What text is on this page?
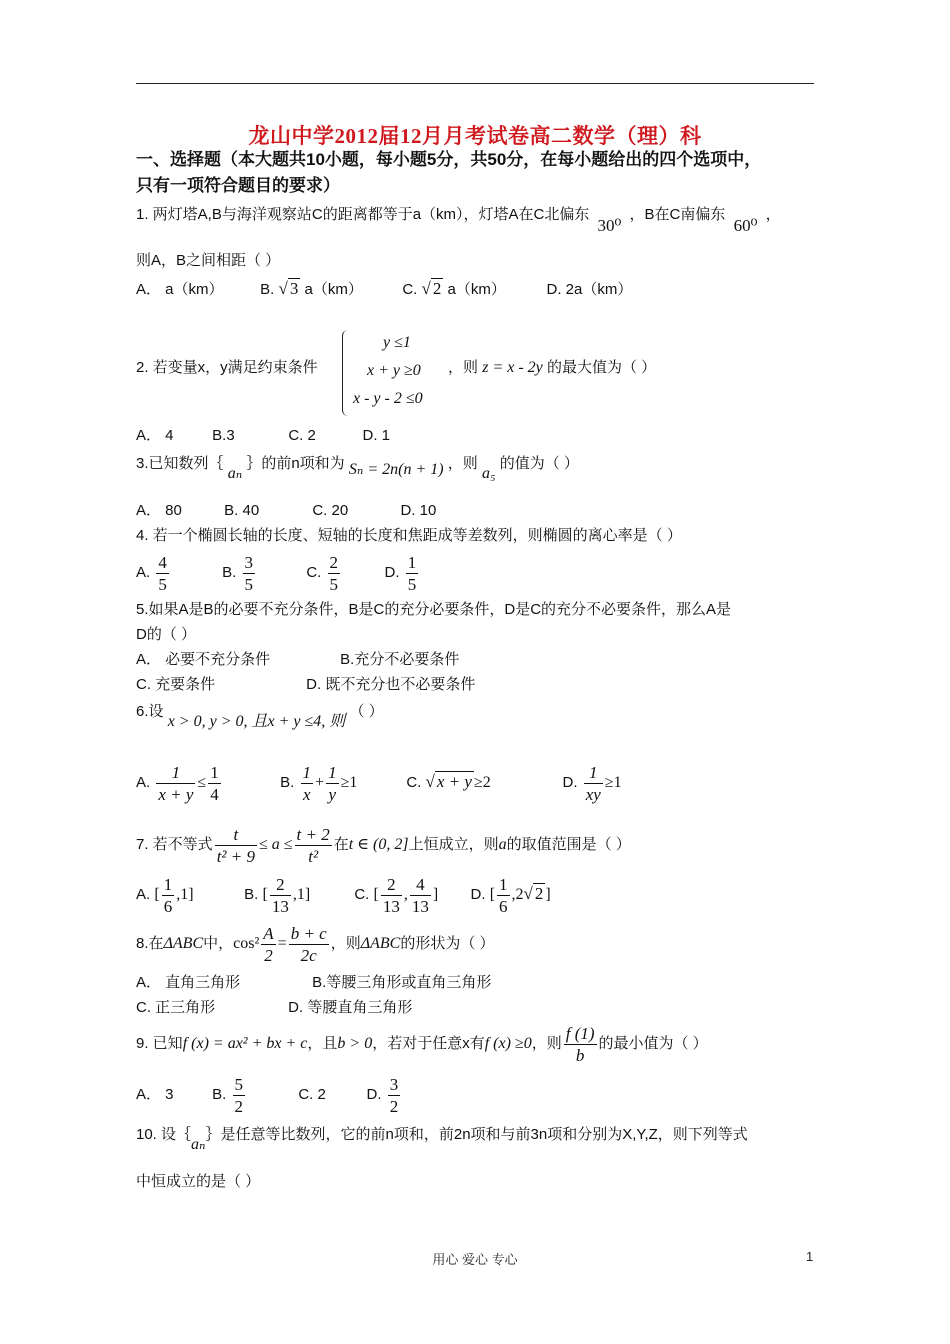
龙山中学2012届12月月考试卷高二数学（理）科
一、选择题（本大题共10小题，每小题5分，共50分，在每小题给出的四个选项中，
只有一项符合题目的要求）
1. 两灯塔A,B与海洋观察站C的距离都等于a（km），灯塔A在C北偏东 30⁰ ，B在C南偏东 60⁰ ，
则A，B之间相距（ ）
A． a（km） B. √ 3 a（km）	C. √ 2 a（km）	D. 2a（km）
y ≤1
x + y ≥0
x - y - 2 ≤0
2. 若变量x，y满足约束条件	，则 z = x - 2y 的最大值为（ ）
A． 4	B.3	C. 2	D. 1
3.已知数列｛ aₙ ｝的前n项和为 Sₙ = 2n(n + 1) ，则 a₅ 的值为（ ）
A． 80	B. 40	C. 20	D. 10
4. 若一个椭圆长轴的长度、短轴的长度和焦距成等差数列，则椭圆的离心率是（ ）
A. $\frac{4}{5}$	B. $\frac{3}{5}$	C. $\frac{2}{5}$	D. $\frac{1}{5}$
5.如果A是B的必要不充分条件，B是C的充分必要条件，D是C的充分不必要条件，那么A是
D的（ ）
A． 必要不充分条件	B.充分不必要条件
C. 充要条件	D. 既不充分也不必要条件
6.设 x > 0, y > 0, 且x + y ≤4, 则 （ ）
A. $\frac{1}{x + y} \le \frac{1}{4}$	B. $\frac{1}{x} + \frac{1}{y} \ge 1$	C. √ x + y ≥2	D. $\frac{1}{xy} \ge 1$
7. 若不等式 $\frac{t}{\text{t² + 9}} \le a \le \frac{t + 2}{\text{t²}}$ 在t ∈ (0, 2]上恒成立，则a的取值范围是（ ）
A. [ $\frac{1}{6} ,1$]	B. [ $\frac{2}{13} ,1$]	C. [ $\frac{2}{13}$ , $\frac{4}{13}$ ] D. [ $\frac{1}{6} ,2√$ 2 ]
8.在ΔABC中，$\cos^2 \frac{A}{2} = \frac{b + c}{2c}$ ，则ΔABC的形状为（ ）
A． 直角三角形	B.等腰三角形或直角三角形
C. 正三角形	D. 等腰直角三角形
9. 已知f (x) = ax² + bx + c，且b > 0，若对于任意x有f (x) ≥0，则 $\frac{f (1)}{b}$ 的最小值为（ ）
A． 3	B. $\frac{5}{2}$	C. 2	D. $\frac{3}{2}$
10. 设｛aₙ｝是任意等比数列，它的前n项和，前2n项和与前3n项和分别为X,Y,Z，则下列等式
中恒成立的是（ ）
用心 爱心 专心	1
